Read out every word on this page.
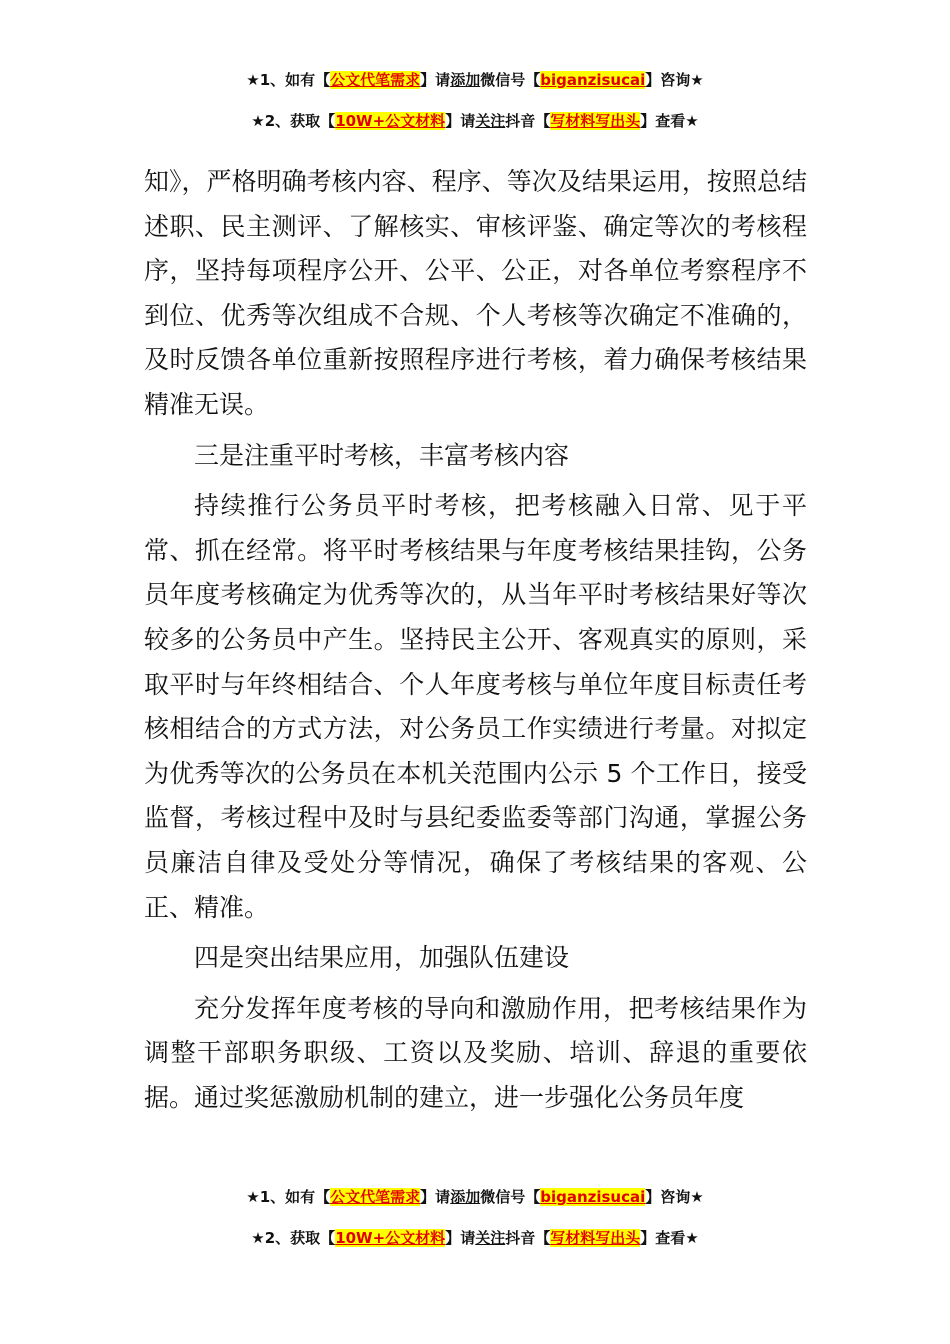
★1、如有【公文代笔需求】请添加微信号【biganzisucai】咨询★
★2、获取【10W+公文材料】请关注抖音【写材料写出头】查看★

知》，严格明确考核内容、程序、等次及结果运用，按照总结述职、民主测评、了解核实、审核评鉴、确定等次的考核程序，坚持每项程序公开、公平、公正，对各单位考察程序不到位、优秀等次组成不合规、个人考核等次确定不准确的，及时反馈各单位重新按照程序进行考核，着力确保考核结果精准无误。

三是注重平时考核，丰富考核内容

持续推行公务员平时考核，把考核融入日常、见于平常、抓在经常。将平时考核结果与年度考核结果挂钩，公务员年度考核确定为优秀等次的，从当年平时考核结果好等次较多的公务员中产生。坚持民主公开、客观真实的原则，采取平时与年终相结合、个人年度考核与单位年度目标责任考核相结合的方式方法，对公务员工作实绩进行考量。对拟定为优秀等次的公务员在本机关范围内公示 5 个工作日，接受监督，考核过程中及时与县纪委监委等部门沟通，掌握公务员廉洁自律及受处分等情况，确保了考核结果的客观、公正、精准。

四是突出结果应用，加强队伍建设

充分发挥年度考核的导向和激励作用，把考核结果作为调整干部职务职级、工资以及奖励、培训、辞退的重要依据。通过奖惩激励机制的建立，进一步强化公务员年度

★1、如有【公文代笔需求】请添加微信号【biganzisucai】咨询★
★2、获取【10W+公文材料】请关注抖音【写材料写出头】查看★
